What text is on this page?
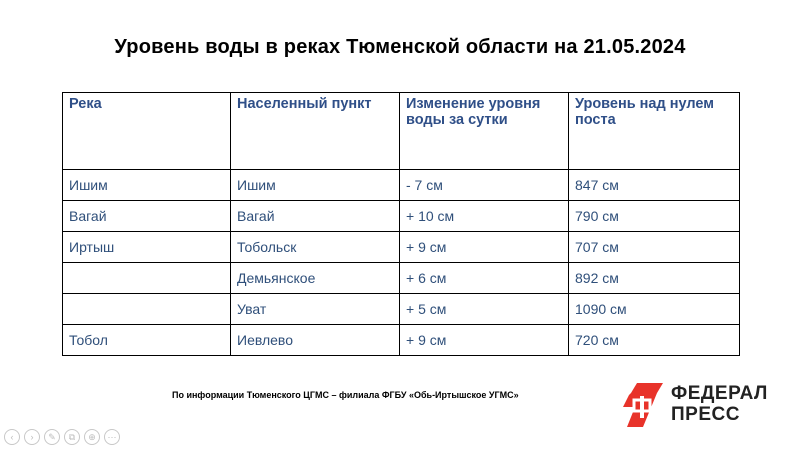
Уровень воды в реках Тюменской области на 21.05.2024
Река	Населенный пункт	Изменение уровня воды за сутки	Уровень над нулем поста
Ишим	Ишим	- 7 см	847 см
Вагай	Вагай	+ 10 см	790 см
Иртыш	Тобольск	+ 9 см	707 см
	Демьянское	+ 6 см	892 см
	Уват	+ 5 см	1090 см
Тобол	Иевлево	+ 9 см	720 см
По информации Тюменского ЦГМС – филиала ФГБУ «Обь-Иртышское УГМС»	ФЕДЕРАЛ
ПРЕСС
‹	›	✎	⧉	⊕	⋯
